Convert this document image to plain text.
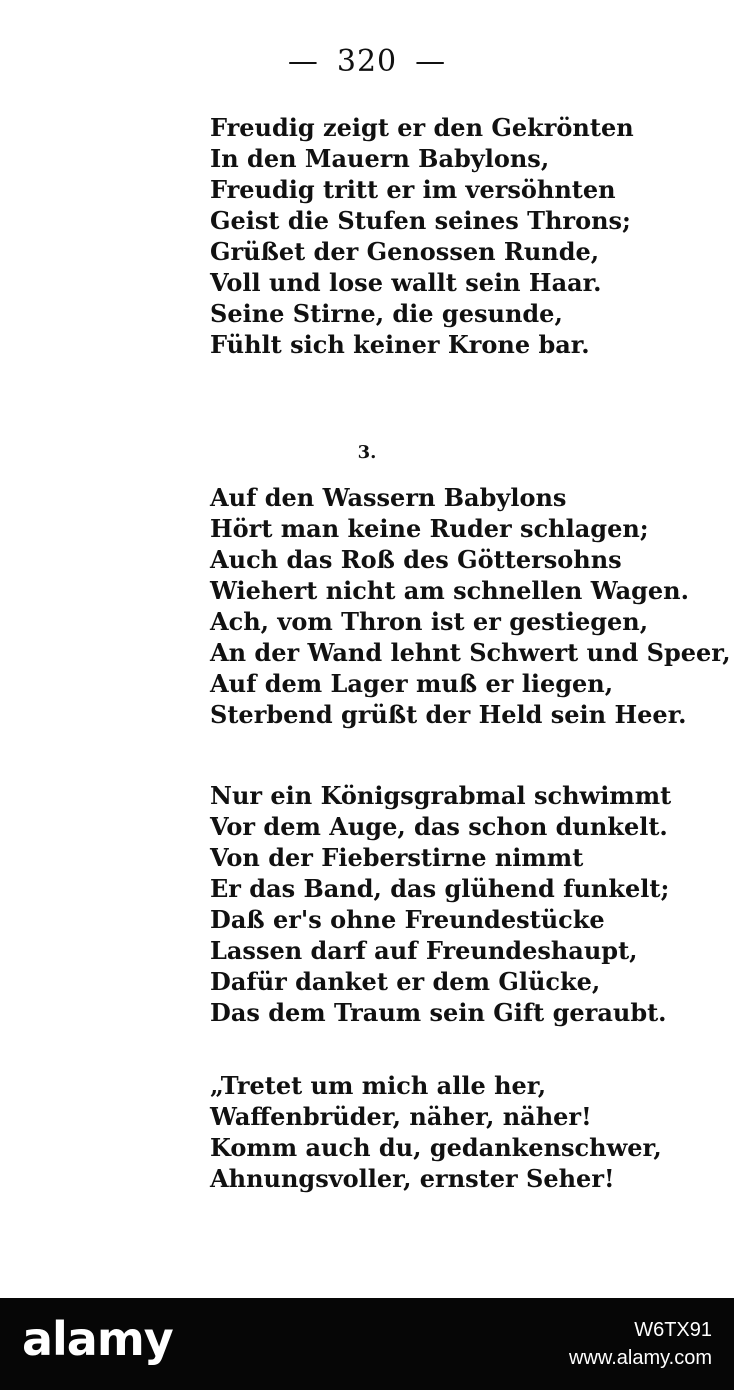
— 320 —
Freudig zeigt er den Gekrönten
In den Mauern Babylons,
Freudig tritt er im versöhnten
Geist die Stufen seines Throns;
Grüßet der Genossen Runde,
Voll und lose wallt sein Haar.
Seine Stirne, die gesunde,
Fühlt sich keiner Krone bar.
3.
Auf den Wassern Babylons
Hört man keine Ruder schlagen;
Auch das Roß des Göttersohns
Wiehert nicht am schnellen Wagen.
Ach, vom Thron ist er gestiegen,
An der Wand lehnt Schwert und Speer,
Auf dem Lager muß er liegen,
Sterbend grüßt der Held sein Heer.
Nur ein Königsgrabmal schwimmt
Vor dem Auge, das schon dunkelt.
Von der Fieberstirne nimmt
Er das Band, das glühend funkelt;
Daß er's ohne Freundestücke
Lassen darf auf Freundeshaupt,
Dafür danket er dem Glücke,
Das dem Traum sein Gift geraubt.
„Tretet um mich alle her,
Waffenbrüder, näher, näher!
Komm auch du, gedankenschwer,
Ahnungsvoller, ernster Seher!
alamy	W6TX91
www.alamy.com
